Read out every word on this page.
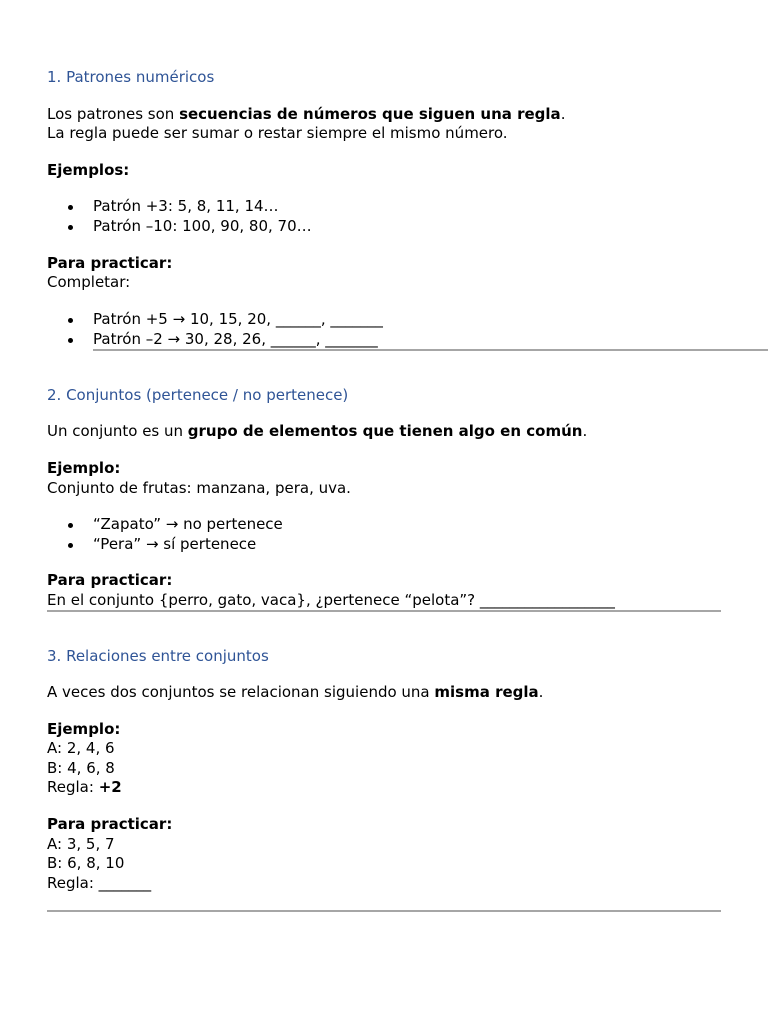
1. Patrones numéricos
Los patrones son secuencias de números que siguen una regla.
La regla puede ser sumar o restar siempre el mismo número.
Ejemplos:
Patrón +3: 5, 8, 11, 14…
Patrón –10: 100, 90, 80, 70…
Para practicar:
Completar:
Patrón +5 → 10, 15, 20, ______, _______
Patrón –2 → 30, 28, 26, ______, _______
2. Conjuntos (pertenece / no pertenece)
Un conjunto es un grupo de elementos que tienen algo en común.
Ejemplo:
Conjunto de frutas: manzana, pera, uva.
“Zapato” → no pertenece
“Pera” → sí pertenece
Para practicar:
En el conjunto {perro, gato, vaca}, ¿pertenece “pelota”? __________________
3. Relaciones entre conjuntos
A veces dos conjuntos se relacionan siguiendo una misma regla.
Ejemplo:
A: 2, 4, 6
B: 4, 6, 8
Regla: +2
Para practicar:
A: 3, 5, 7
B: 6, 8, 10
Regla: _______
